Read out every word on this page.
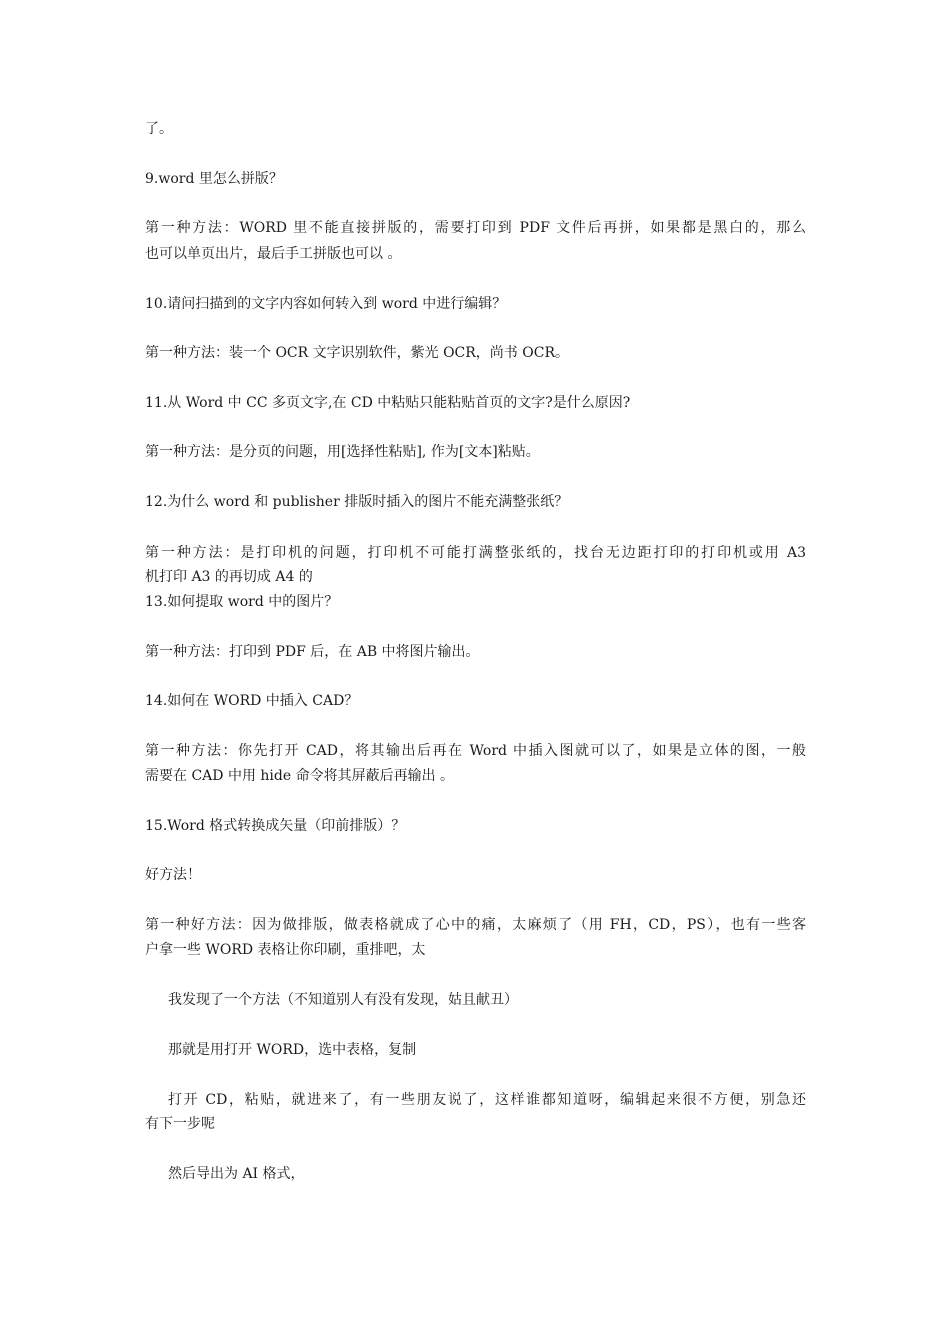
了。
9.word 里怎么拼版？
第一种方法：WORD 里不能直接拼版的，需要打印到 PDF 文件后再拼，如果都是黑白的，那么
也可以单页出片，最后手工拼版也可以 。
10.请问扫描到的文字内容如何转入到 word 中进行编辑？
第一种方法：装一个 OCR 文字识别软件，紫光 OCR，尚书 OCR。
11.从 Word 中 CC 多页文字,在 CD 中粘贴只能粘贴首页的文字?是什么原因?
第一种方法：是分页的问题，用[选择性粘贴], 作为[文本]粘贴。
12.为什么 word 和 publisher 排版时插入的图片不能充满整张纸？
第一种方法：是打印机的问题，打印机不可能打满整张纸的，找台无边距打印的打印机或用 A3
机打印 A3 的再切成 A4 的
13.如何提取 word 中的图片？
第一种方法：打印到 PDF 后，在 AB 中将图片输出。
14.如何在 WORD 中插入 CAD？
第一种方法：你先打开 CAD，将其输出后再在 Word 中插入图就可以了，如果是立体的图，一般
需要在 CAD 中用 hide 命令将其屏蔽后再输出 。
15.Word 格式转换成矢量（印前排版）？
好方法！
第一种好方法：因为做排版，做表格就成了心中的痛，太麻烦了（用 FH，CD，PS），也有一些客
户拿一些 WORD 表格让你印刷，重排吧，太
我发现了一个方法（不知道别人有没有发现，姑且献丑）
那就是用打开 WORD，选中表格，复制
打开 CD，粘贴，就进来了，有一些朋友说了，这样谁都知道呀，编辑起来很不方便，别急还
有下一步呢
然后导出为 AI 格式，
